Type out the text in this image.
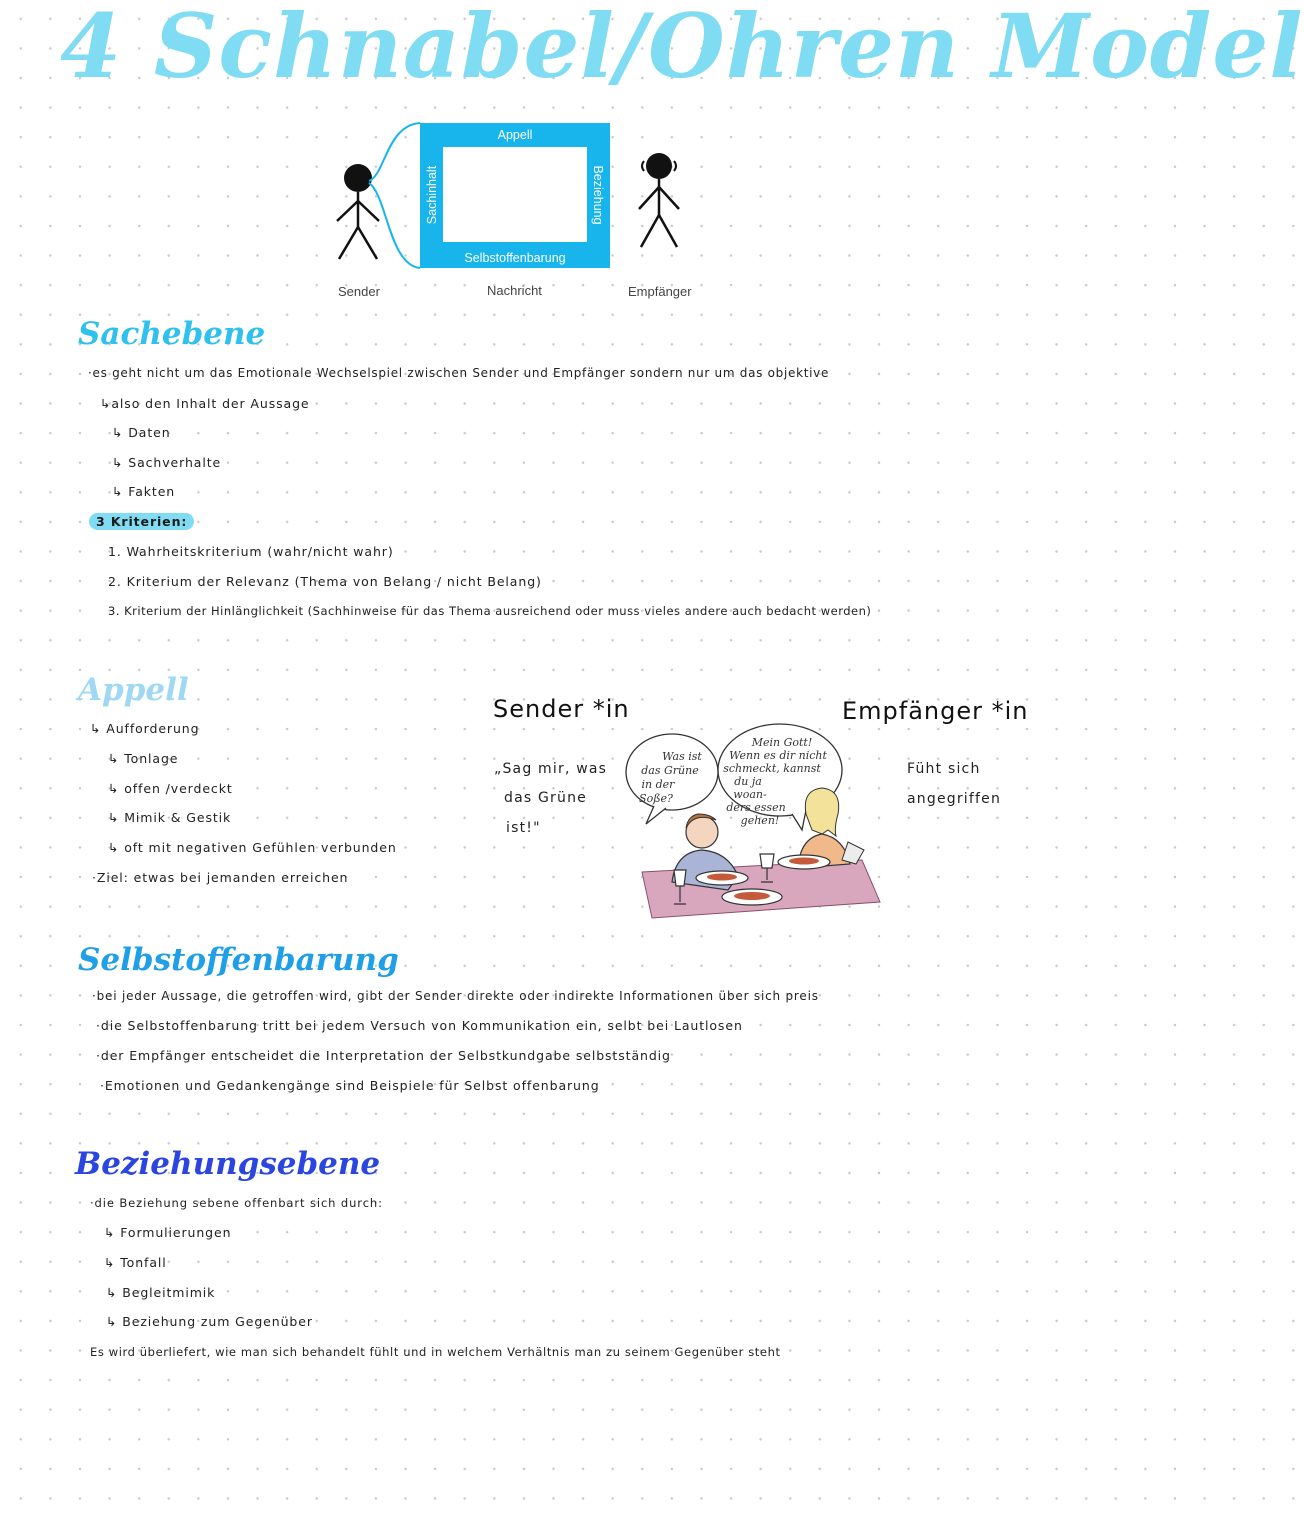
4 Schnabel/Ohren Model
Appell
Selbstoffenbarung
Sachinhalt	Beziehung
Sender	Nachricht	Empfänger
Sachebene
·es geht nicht um das Emotionale Wechselspiel zwischen Sender und Empfänger sondern nur um das objektive
↳also den Inhalt der Aussage
↳ Daten
↳ Sachverhalte
↳ Fakten
3 Kriterien:
1. Wahrheitskriterium (wahr/nicht wahr)
2. Kriterium der Relevanz (Thema von Belang / nicht Belang)
3. Kriterium der Hinlänglichkeit (Sachhinweise für das Thema ausreichend oder muss vieles andere auch bedacht werden)
Appell
↳ Aufforderung
↳ Tonlage
↳ offen /verdeckt
↳ Mimik & Gestik
↳ oft mit negativen Gefühlen verbunden
·Ziel: etwas bei jemanden erreichen
Sender *in	Empfänger *in
„Sag mir, was
das Grüne
ist!"
Füht sich
angegriffen
Was ist
das Grüne
in der
Soße?
Mein Gott!
Wenn es dir nicht
schmeckt, kannst
du ja
woan-
ders essen
gehen!
Selbstoffenbarung
·bei jeder Aussage, die getroffen wird, gibt der Sender direkte oder indirekte Informationen über sich preis
·die Selbstoffenbarung tritt bei jedem Versuch von Kommunikation ein, selbt bei Lautlosen
·der Empfänger entscheidet die Interpretation der Selbstkundgabe selbstständig
·Emotionen und Gedankengänge sind Beispiele für Selbst offenbarung
Beziehungsebene
·die Beziehung sebene offenbart sich durch:
↳ Formulierungen
↳ Tonfall
↳ Begleitmimik
↳ Beziehung zum Gegenüber
Es wird überliefert, wie man sich behandelt fühlt und in welchem Verhältnis man zu seinem Gegenüber steht
